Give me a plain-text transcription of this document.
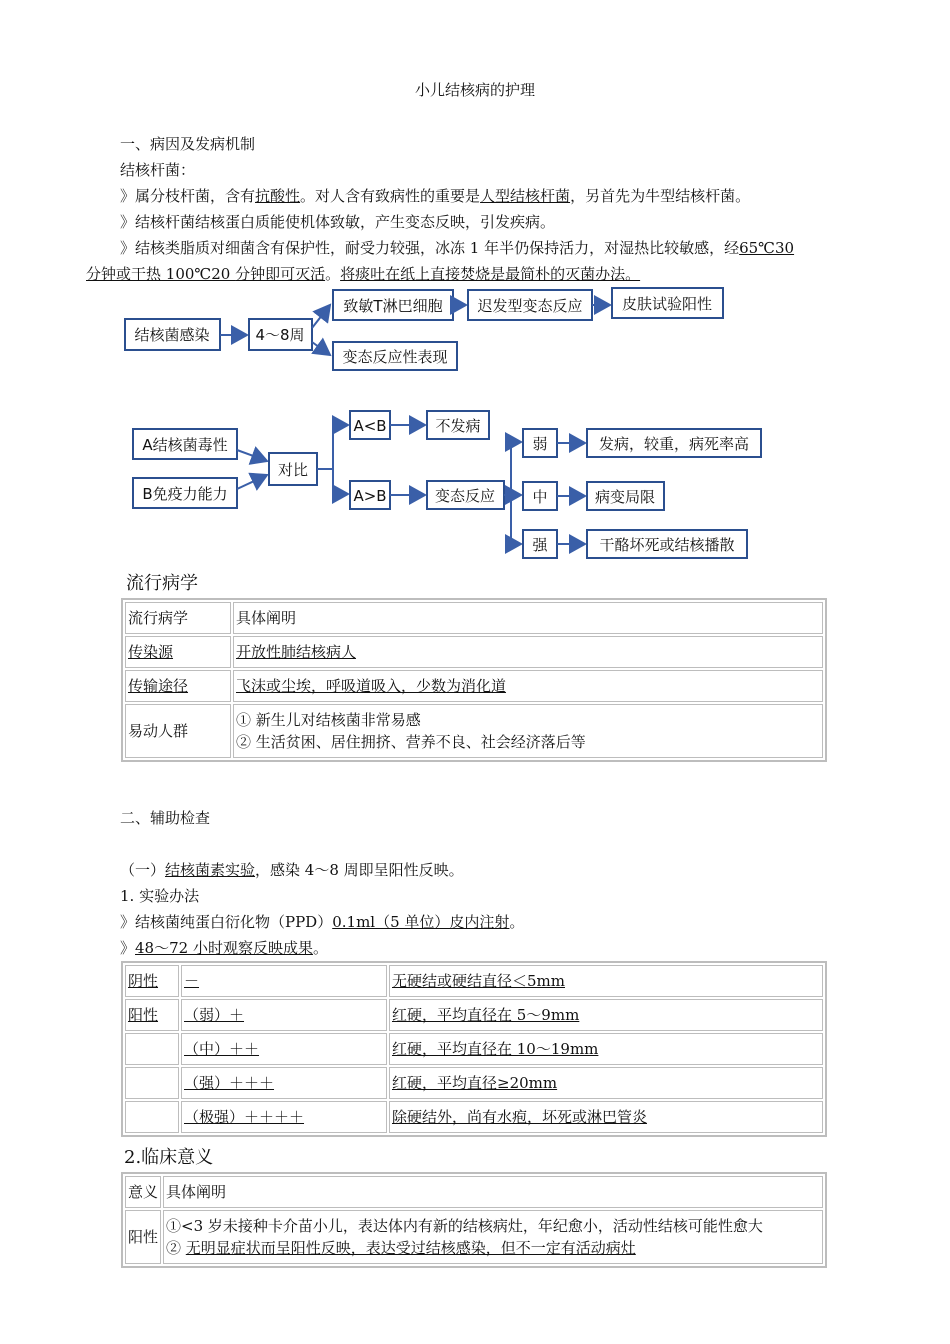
小儿结核病的护理
一、病因及发病机制
结核杆菌：
》属分枝杆菌，含有抗酸性。对人含有致病性的重要是人型结核杆菌，另首先为牛型结核杆菌。
》结核杆菌结核蛋白质能使机体致敏，产生变态反映，引发疾病。
》结核类脂质对细菌含有保护性，耐受力较强，冰冻 1 年半仍保持活力，对湿热比较敏感，经65℃30
分钟或干热 100℃20 分钟即可灭活。将痰吐在纸上直接焚烧是最简朴的灭菌办法。
结核菌感染	4～8周
致敏T淋巴细胞 迟发型变态反应	皮肤试验阳性
变态反应性表现
A结核菌毒性
B免疫力能力
对比
A<B	不发病
A>B	变态反应
弱
中
强
发病，较重，病死率高
病变局限
干酪坏死或结核播散
流行病学
流行病学	具体阐明
传染源	开放性肺结核病人
传输途径	飞沫或尘埃，呼吸道吸入，少数为消化道
易动人群	① 新生儿对结核菌非常易感
② 生活贫困、居住拥挤、营养不良、社会经济落后等
二、辅助检查
（一）结核菌素实验，感染 4～8 周即呈阳性反映。
1. 实验办法
》结核菌纯蛋白衍化物（PPD）0.1ml（5 单位）皮内注射。
》48～72 小时观察反映成果。
阴性	－	无硬结或硬结直径＜5mm
阳性	（弱）＋	红硬，平均直径在 5～9mm
	（中）＋＋	红硬，平均直径在 10～19mm
	（强）＋＋＋	红硬，平均直径≥20mm
	（极强）＋＋＋＋	除硬结外，尚有水疱，坏死或淋巴管炎
2.临床意义
意义	具体阐明
阳性	①<3 岁未接种卡介苗小儿，表达体内有新的结核病灶，年纪愈小，活动性结核可能性愈大
② 无明显症状而呈阳性反映，表达受过结核感染，但不一定有活动病灶
